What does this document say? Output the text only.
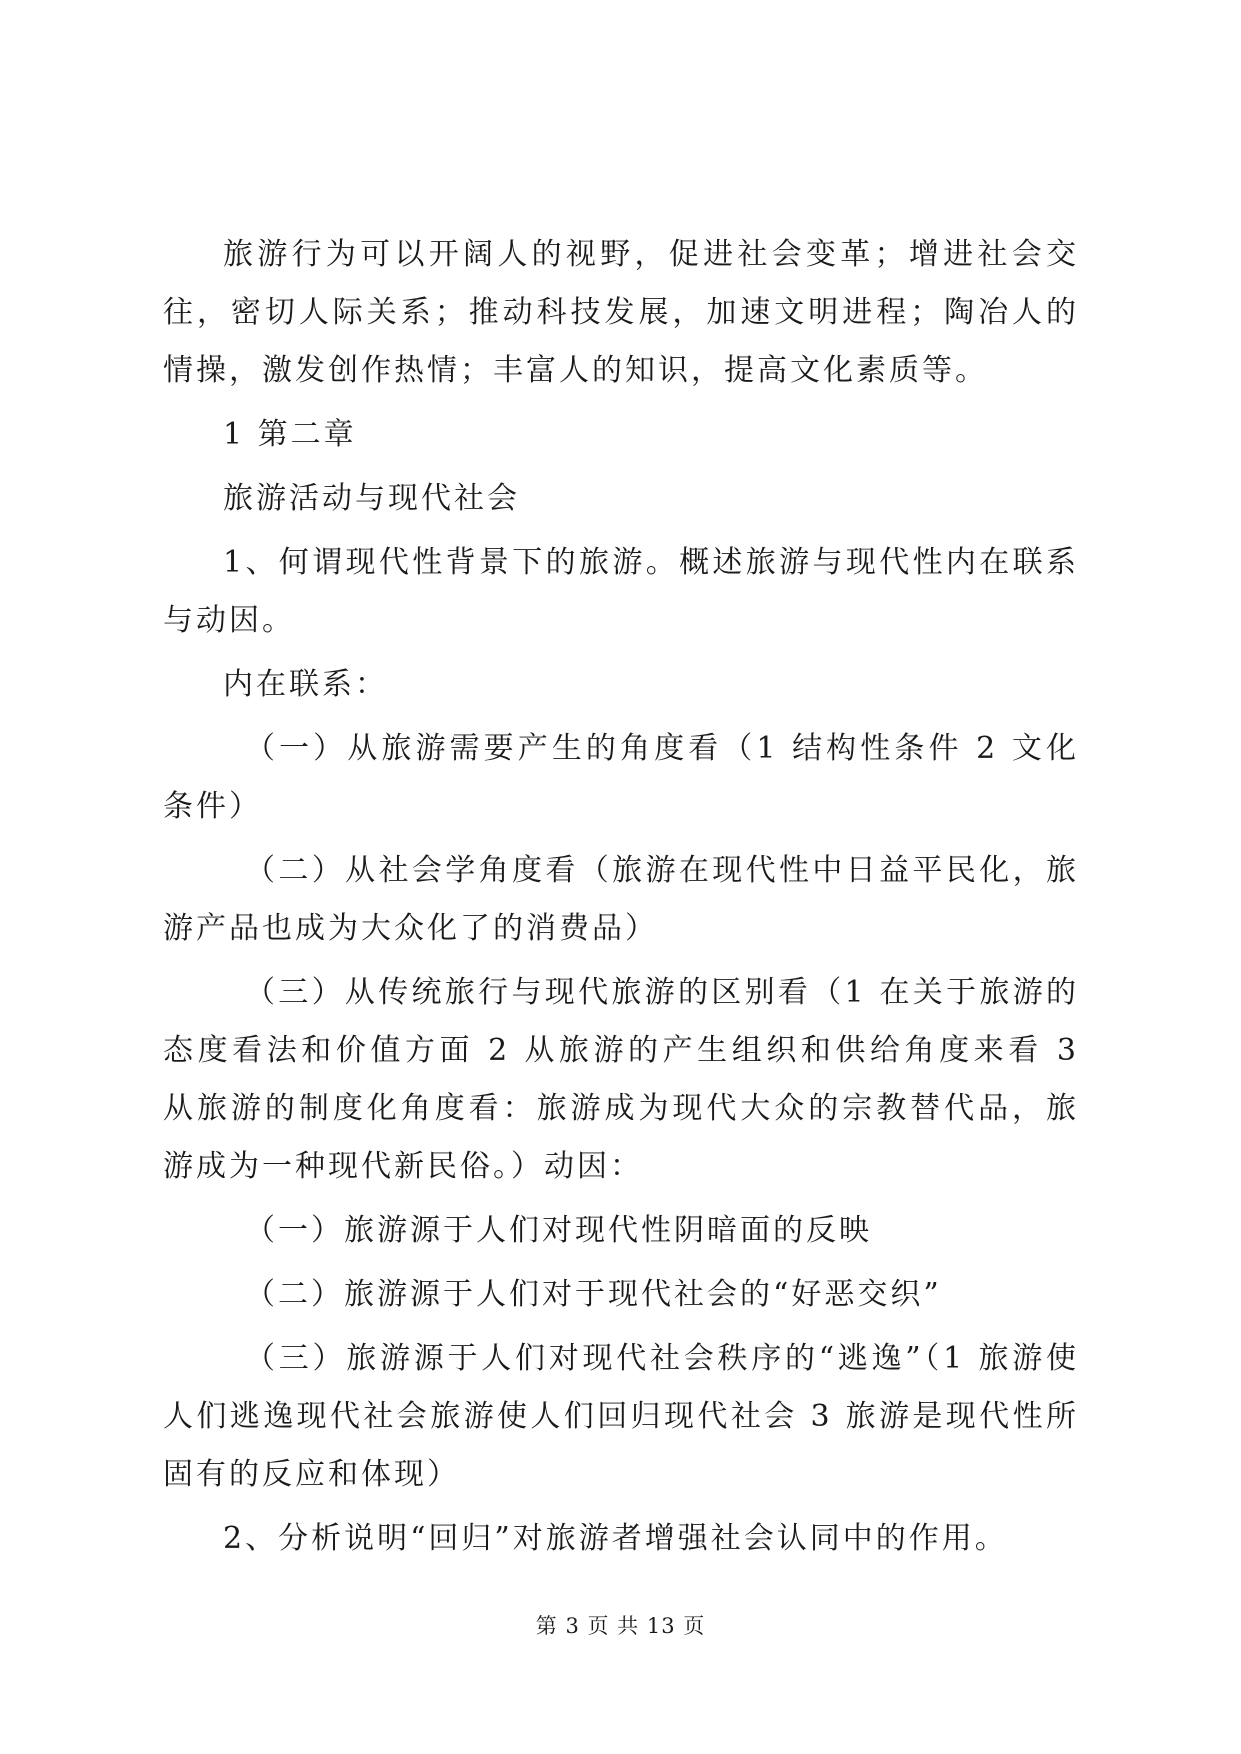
旅游行为可以开阔人的视野，促进社会变革；增进社会交往，密切人际关系；推动科技发展，加速文明进程；陶冶人的情操，激发创作热情；丰富人的知识，提高文化素质等。

1 第二章

旅游活动与现代社会

1、何谓现代性背景下的旅游。概述旅游与现代性内在联系与动因。

内在联系：

（一）从旅游需要产生的角度看（1 结构性条件 2 文化条件）

（二）从社会学角度看（旅游在现代性中日益平民化，旅游产品也成为大众化了的消费品）

（三）从传统旅行与现代旅游的区别看（1 在关于旅游的态度看法和价值方面 2 从旅游的产生组织和供给角度来看 3 从旅游的制度化角度看：旅游成为现代大众的宗教替代品，旅游成为一种现代新民俗。）动因：

（一）旅游源于人们对现代性阴暗面的反映

（二）旅游源于人们对于现代社会的“好恶交织”

（三）旅游源于人们对现代社会秩序的“逃逸”（1 旅游使人们逃逸现代社会旅游使人们回归现代社会 3 旅游是现代性所固有的反应和体现）

2、分析说明“回归”对旅游者增强社会认同中的作用。

第 3 页 共 13 页
